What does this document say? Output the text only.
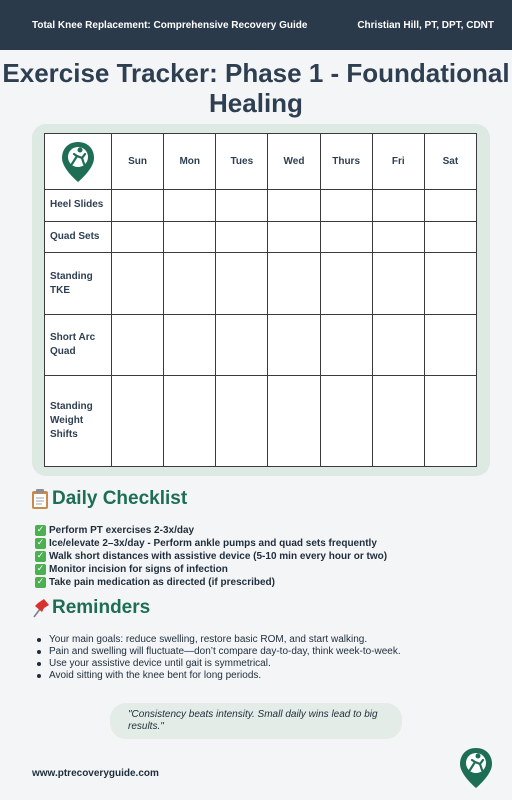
Total Knee Replacement: Comprehensive Recovery Guide	Christian Hill, PT, DPT, CDNT
Exercise Tracker: Phase 1 - Foundational Healing
	Sun	Mon	Tues	Wed	Thurs	Fri	Sat
Heel Slides							
Quad Sets							
Standing TKE							
Short Arc Quad							
Standing Weight Shifts							
Daily Checklist
✓ Perform PT exercises 2-3x/day
✓ Ice/elevate 2–3x/day - Perform ankle pumps and quad sets frequently
✓ Walk short distances with assistive device (5-10 min every hour or two)
✓ Monitor incision for signs of infection
✓ Take pain medication as directed (if prescribed)
Reminders
Your main goals: reduce swelling, restore basic ROM, and start walking.
Pain and swelling will fluctuate—don’t compare day-to-day, think week-to-week.
Use your assistive device until gait is symmetrical.
Avoid sitting with the knee bent for long periods.
"Consistency beats intensity. Small daily wins lead to big results."
www.ptrecoveryguide.com
